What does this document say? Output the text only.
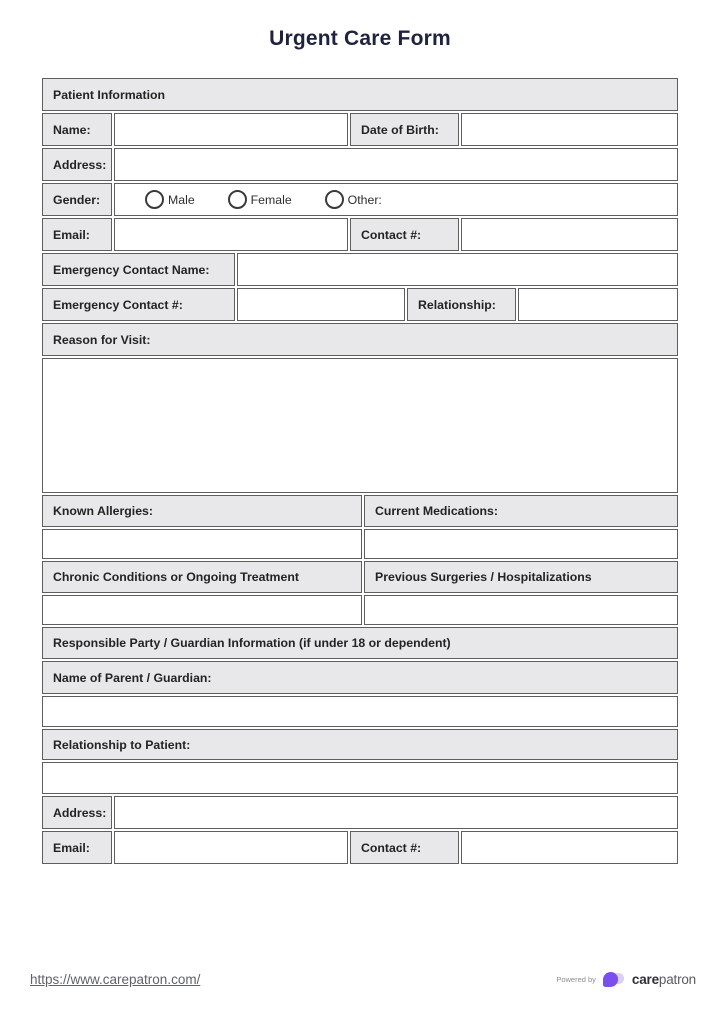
Urgent Care Form
Patient Information							
Name:			Date of Birth:				
Address:							
Gender:	Male Female Other:						

Email:			Contact #:				
Emergency Contact Name:							
Emergency Contact #:					Relationship:		
Reason for Visit:							

Known Allergies:				Current Medications:			

Chronic Conditions or Ongoing Treatment				Previous Surgeries / Hospitalizations			

Responsible Party / Guardian Information (if under 18 or dependent)							
Name of Parent / Guardian:							

Relationship to Patient:							

Address:							
Email:			Contact #:				
https://www.carepatron.com/	Powered by	carepatron
